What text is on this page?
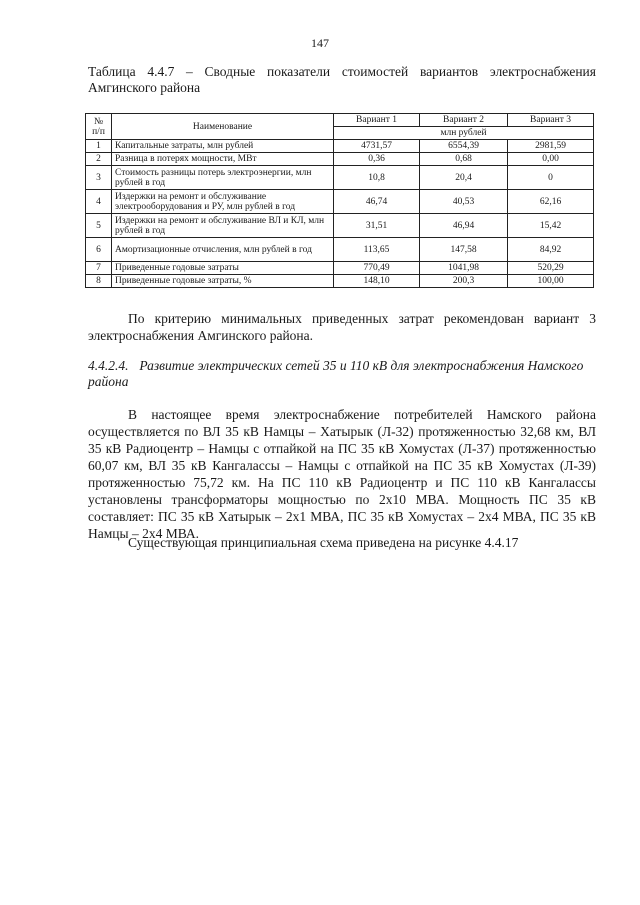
147
Таблица 4.4.7 – Сводные показатели стоимостей вариантов электроснабжения Амгинского района
№ п/п	Наименование	Вариант 1	Вариант 2	Вариант 3
		млн рублей		
1	Капитальные затраты, млн рублей	4731,57	6554,39	2981,59
2	Разница в потерях мощности, МВт	0,36	0,68	0,00
3	Стоимость разницы потерь электроэнергии, млн рублей в год	10,8	20,4	0
4	Издержки на ремонт и обслуживание электрооборудования и РУ, млн рублей в год	46,74	40,53	62,16
5	Издержки на ремонт и обслуживание ВЛ и КЛ, млн рублей в год	31,51	46,94	15,42
6	Амортизационные отчисления, млн рублей в год	113,65	147,58	84,92
7	Приведенные годовые затраты	770,49	1041,98	520,29
8	Приведенные годовые затраты, %	148,10	200,3	100,00
По критерию минимальных приведенных затрат рекомендован вариант 3 электроснабжения Амгинского района.
4.4.2.4. Развитие электрических сетей 35 и 110 кВ для электроснабжения Намского района
В настоящее время электроснабжение потребителей Намского района осуществляется по ВЛ 35 кВ Намцы – Хатырык (Л-32) протяженностью 32,68 км, ВЛ 35 кВ Радиоцентр – Намцы с отпайкой на ПС 35 кВ Хомустах (Л-37) протяженностью 60,07 км, ВЛ 35 кВ Кангалассы – Намцы с отпайкой на ПС 35 кВ Хомустах (Л-39) протяженностью 75,72 км. На ПС 110 кВ Радиоцентр и ПС 110 кВ Кангалассы установлены трансформаторы мощностью по 2х10 МВА. Мощность ПС 35 кВ составляет: ПС 35 кВ Хатырык – 2х1 МВА, ПС 35 кВ Хомустах – 2х4 МВА, ПС 35 кВ Намцы – 2х4 МВА.
Существующая принципиальная схема приведена на рисунке 4.4.17
